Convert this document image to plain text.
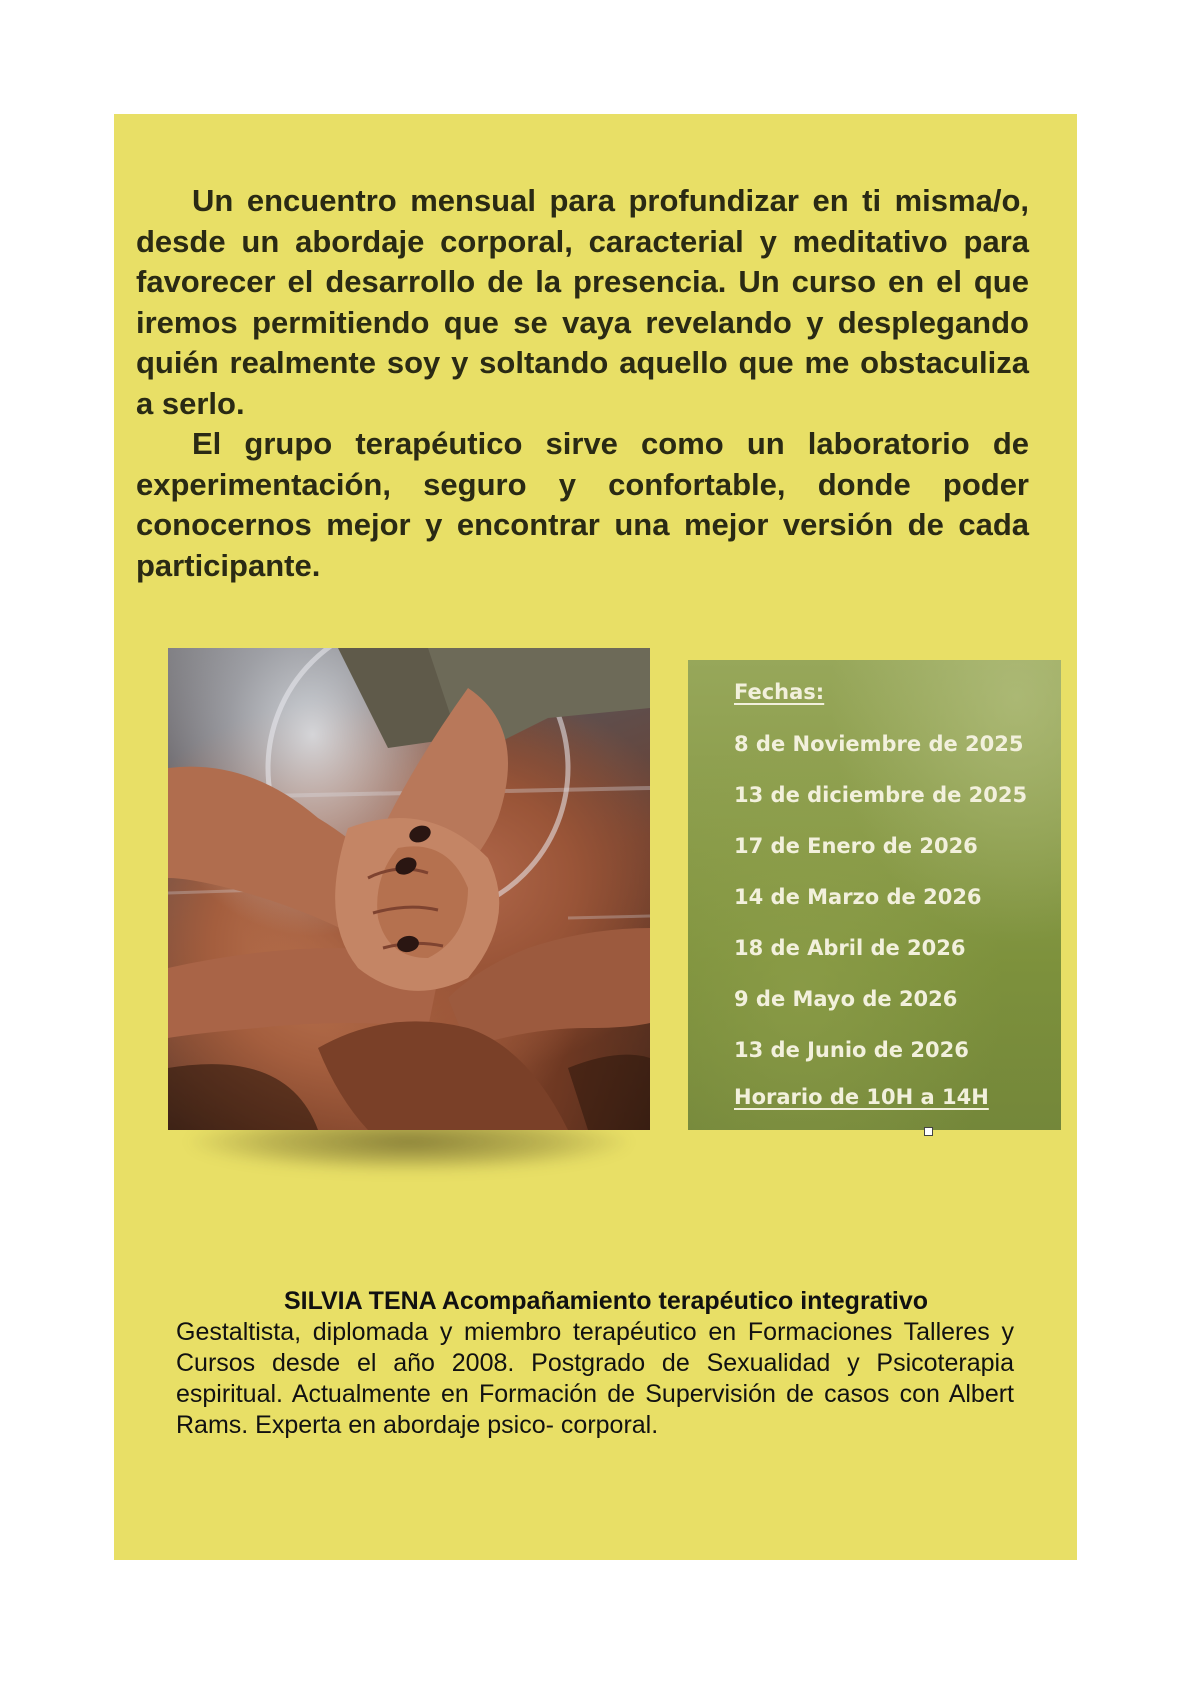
Un encuentro mensual para profundizar en ti misma/o, desde un abordaje corporal, caracterial y meditativo para favorecer el desarrollo de la presencia. Un curso en el que iremos permitiendo que se vaya revelando y desplegando quién realmente soy y soltando aquello que me obstaculiza a serlo.

El grupo terapéutico sirve como un laboratorio de experimentación, seguro y confortable, donde poder conocernos mejor y encontrar una mejor versión de cada participante.

Fechas:

8 de Noviembre de 2025
13 de diciembre de 2025
17 de Enero de 2026
14 de Marzo de 2026
18 de Abril de 2026
9 de Mayo de 2026
13 de Junio de 2026

Horario de 10H a 14H

SILVIA TENA Acompañamiento terapéutico integrativo

Gestaltista, diplomada y miembro terapéutico en Formaciones Talleres y Cursos desde el año 2008. Postgrado de Sexualidad y Psicoterapia espiritual. Actualmente en Formación de Supervisión de casos con Albert Rams. Experta en abordaje psico- corporal.
